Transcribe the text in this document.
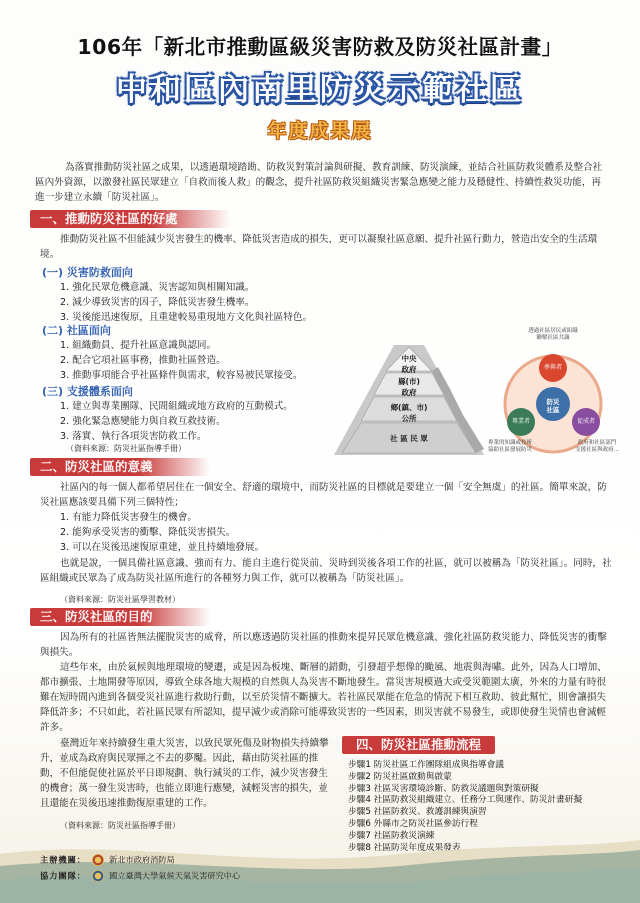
106年「新北市推動區級災害防救及防災社區計畫」
中和區內南里防災示範社區
年度成果展

為落實推動防災社區之成果，以透過環境踏勘、防救災對策討論與研擬、教育訓練、防災演練，並結合社區防救災體系及整合社區內外資源，以激發社區民眾建立「自救而後人救」的觀念，提升社區防救災組織災害緊急應變之能力及穩健性、持續性救災功能，再進一步建立永續「防災社區」。

一、推動防災社區的好處

推動防災社區不但能減少災害發生的機率、降低災害造成的損失，更可以凝聚社區意願、提升社區行動力，營造出安全的生活環境。

(一) 災害防救面向
1. 強化民眾危機意識、災害認知與相關知識。
2. 減少導致災害的因子，降低災害發生機率。
3. 災後能迅速復原，且重建較易重現地方文化與社區特色。
(二) 社區面向
1. 組織動員、提升社區意識與認同。
2. 配合它項社區事務，推動社區營造。
3. 推動事項能合乎社區條件與需求，較容易被民眾接受。
(三) 支援體系面向
1. 建立與專業團隊、民間組織或地方政府的互動模式。
2. 強化緊急應變能力與自救互救技術。
3. 落實、執行各項災害防救工作。
（資料來源：防災社區指導手冊）
中央
政府
縣(市)
政府
鄉(鎮、市)
公所
社 區 民 眾
透過社區居民或組織
瞭解社區共識
防災
社區
參與者
專業者	促成者
專業的知識或技術
協助社區發展防災
政府和社區部門
支援社區與政府...
二、防災社區的意義

社區內的每一個人都希望居住在一個安全、舒適的環境中，而防災社區的目標就是要建立一個「安全無虞」的社區。簡單來說，防災社區應該要具備下列三個特性；

1. 有能力降低災害發生的機會。
2. 能夠承受災害的衝擊、降低災害損失。
3. 可以在災後迅速復原重建，並且持續地發展。

也就是說，一個具備社區意識、強而有力、能自主進行從災前、災時到災後各項工作的社區，就可以被稱為「防災社區」。同時，社區組織或民眾為了成為防災社區所進行的各種努力與工作，就可以被稱為「防災社區」。

（資料來源：防災社區學習教材）
三、防災社區的目的

因為所有的社區皆無法擺脫災害的威脅，所以應透過防災社區的推動來提昇民眾危機意識、強化社區防救災能力、降低災害的衝擊與損失。

這些年來，由於氣候與地理環境的變遷，或是因為板塊、斷層的錯動，引發超乎想像的颱風、地震與海嘯。此外，因為人口增加、都市擴張、土地開發等原因，導致全球各地大規模的自然與人為災害不斷地發生。當災害規模過大或受災範圍太廣，外來的力量有時很難在短時間內進到各個受災社區進行救助行動，以至於災情不斷擴大。若社區民眾能在危急的情況下相互救助、彼此幫忙，則會讓損失降低許多；不只如此，若社區民眾有所認知，提早減少或消除可能導致災害的一些因素，則災害就不易發生，或即使發生災情也會減輕許多。

臺灣近年來持續發生重大災害，以致民眾死傷及財物損失持續攀升，並成為政府與民眾揮之不去的夢魘。因此，藉由防災社區的推動，不但能促使社區於平日即規劃、執行減災的工作，減少災害發生的機會；萬一發生災害時，也能立即進行應變，減輕災害的損失，並且還能在災後迅速推動復原重建的工作。

（資料來源：防災社區指導手冊）
四、防災社區推動流程
步驟1 防災社區工作團隊組成與指導會議
步驟2 防災社區啟動與啟蒙
步驟3 社區災害環境診斷、防救災議題與對策研擬
步驟4 社區防救災組織建立、任務分工與運作、防災計畫研擬
步驟5 社區防救災、救護訓練與演習
步驟6 外縣市之防災社區參訪行程
步驟7 社區防救災演練
步驟8 社區防災年度成果發表
主辦機關：	新北市政府消防局
協力團隊：	國立臺灣大學氣候天氣災害研究中心
